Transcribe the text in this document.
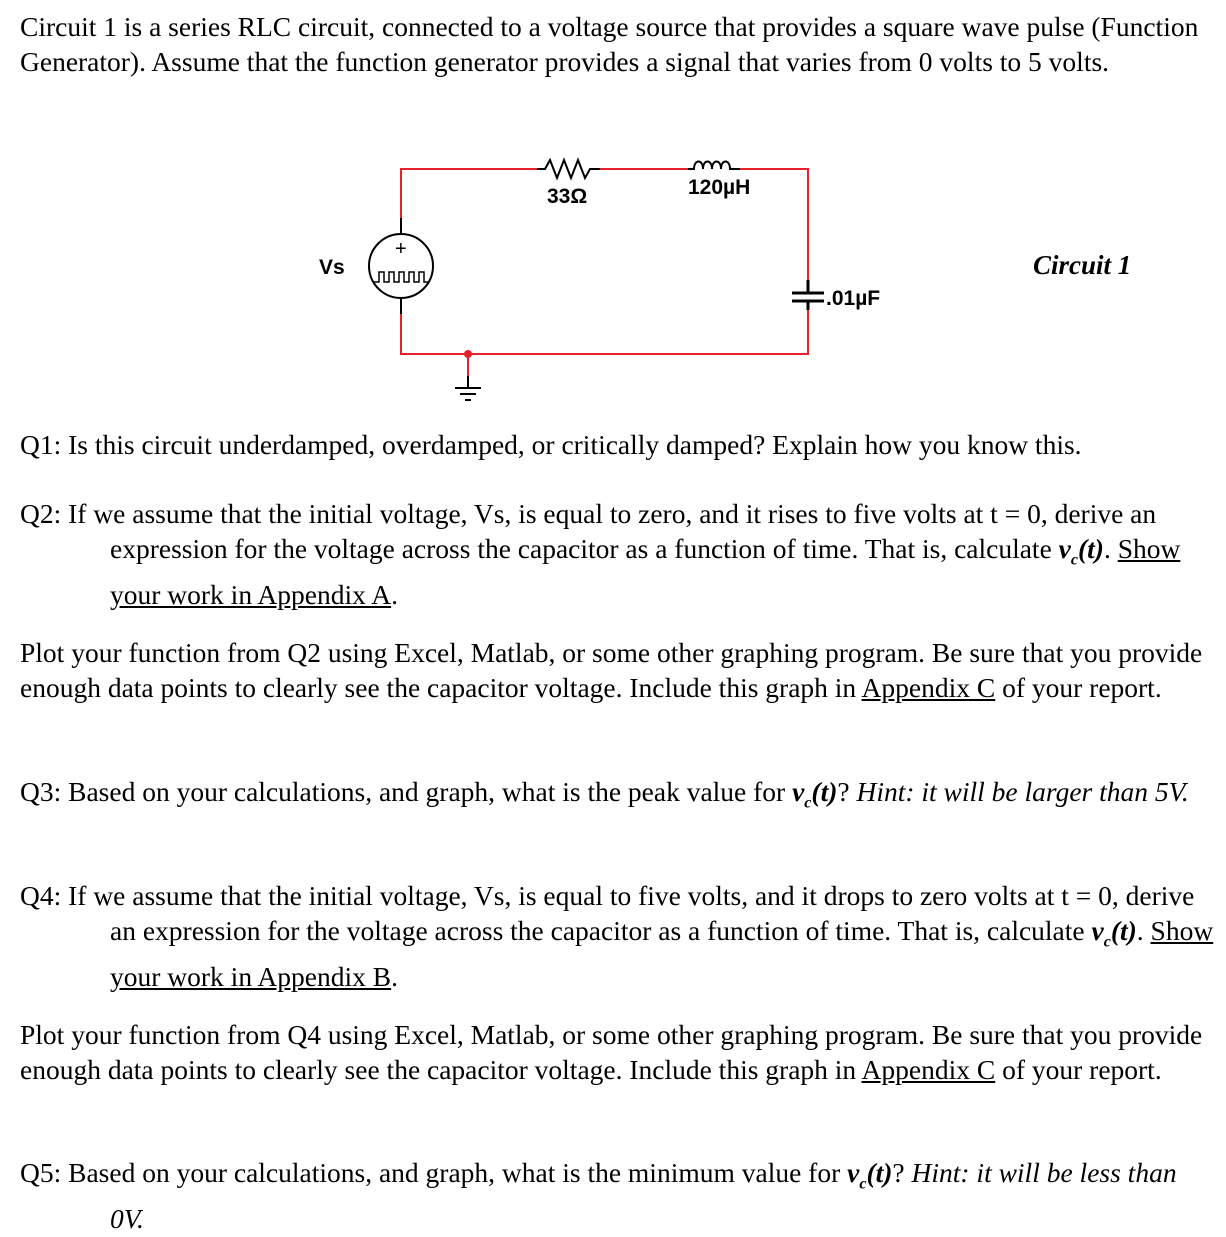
Circuit 1 is a series RLC circuit, connected to a voltage source that provides a square wave pulse (Function Generator). Assume that the function generator provides a signal that varies from 0 volts to 5 volts.

+
Vs
33Ω	120µH
.01µF
Circuit 1

Q1: Is this circuit underdamped, overdamped, or critically damped? Explain how you know this.

Q2: If we assume that the initial voltage, Vs, is equal to zero, and it rises to five volts at t = 0, derive an expression for the voltage across the capacitor as a function of time. That is, calculate $v_c(t)$. Show your work in Appendix A.

Plot your function from Q2 using Excel, Matlab, or some other graphing program. Be sure that you provide enough data points to clearly see the capacitor voltage. Include this graph in Appendix C of your report.

Q3: Based on your calculations, and graph, what is the peak value for $v_c(t)$? Hint: it will be larger than 5V.

Q4: If we assume that the initial voltage, Vs, is equal to five volts, and it drops to zero volts at t = 0, derive an expression for the voltage across the capacitor as a function of time. That is, calculate $v_c(t)$. Show your work in Appendix B.

Plot your function from Q4 using Excel, Matlab, or some other graphing program. Be sure that you provide enough data points to clearly see the capacitor voltage. Include this graph in Appendix C of your report.

Q5: Based on your calculations, and graph, what is the minimum value for $v_c(t)$? Hint: it will be less than 0V.
